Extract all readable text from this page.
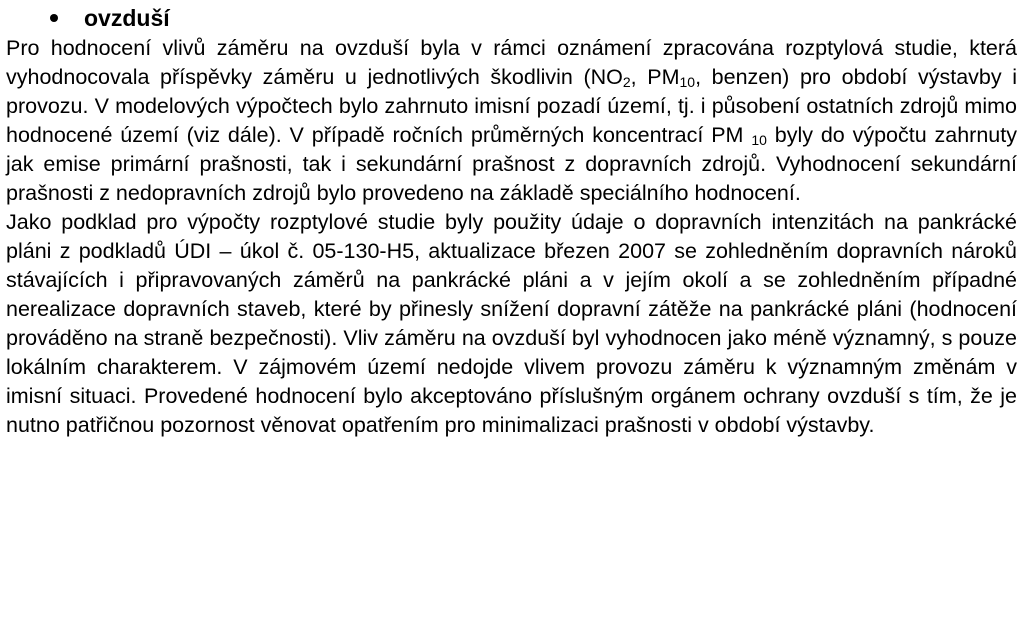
ovzduší

Pro hodnocení vlivů záměru na ovzduší byla v rámci oznámení zpracována rozptylová studie, která vyhodnocovala příspěvky záměru u jednotlivých škodlivin ($NO_2$, $PM_{10}$, benzen) pro období výstavby i provozu. V modelových výpočtech bylo zahrnuto imisní pozadí území, tj. i působení ostatních zdrojů mimo hodnocené území (viz dále). V případě ročních průměrných koncentrací PM $_{10}$ byly do výpočtu zahrnuty jak emise primární prašnosti, tak i sekundární prašnost z dopravních zdrojů. Vyhodnocení sekundární prašnosti z nedopravních zdrojů bylo provedeno na základě speciálního hodnocení.

Jako podklad pro výpočty rozptylové studie byly použity údaje o dopravních intenzitách na pankrácké pláni z podkladů ÚDI – úkol č. 05-130-H5, aktualizace březen 2007 se zohledněním dopravních nároků stávajících i připravovaných záměrů na pankrácké pláni a v jejím okolí a se zohledněním případné nerealizace dopravních staveb, které by přinesly snížení dopravní zátěže na pankrácké pláni (hodnocení prováděno na straně bezpečnosti). Vliv záměru na ovzduší byl vyhodnocen jako méně významný, s pouze lokálním charakterem. V zájmovém území nedojde vlivem provozu záměru k významným změnám v imisní situaci. Provedené hodnocení bylo akceptováno příslušným orgánem ochrany ovzduší s tím, že je nutno patřičnou pozornost věnovat opatřením pro minimalizaci prašnosti v období výstavby.
